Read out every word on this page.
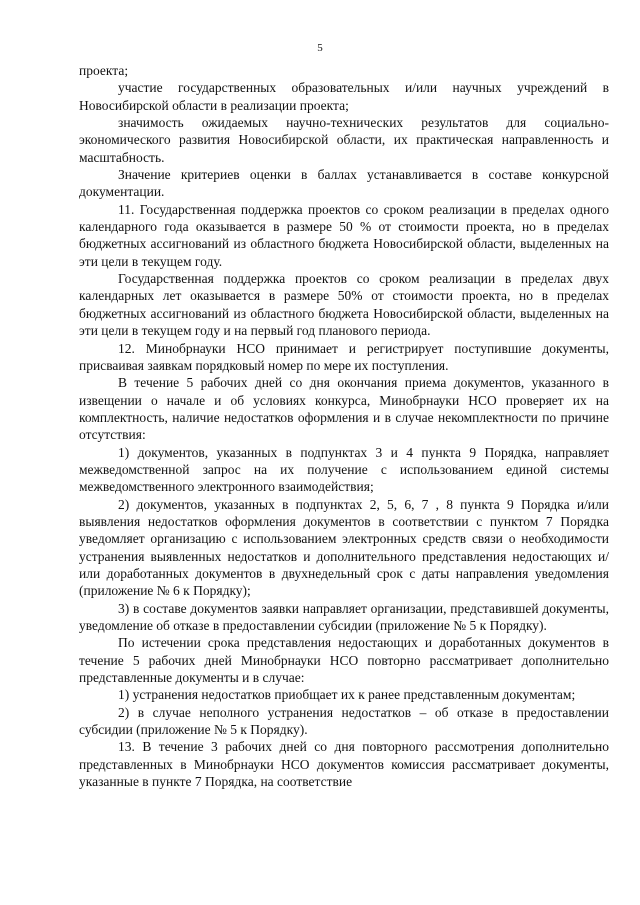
5

проекта;

участие государственных образовательных и/или научных учреждений в Новосибирской области в реализации проекта;

значимость ожидаемых научно-технических результатов для социально-экономического развития Новосибирской области, их практическая направленность и масштабность.

Значение критериев оценки в баллах устанавливается в составе конкурсной документации.

11. Государственная поддержка проектов со сроком реализации в пределах одного календарного года оказывается в размере 50 % от стоимости проекта, но в пределах бюджетных ассигнований из областного бюджета Новосибирской области, выделенных на эти цели в текущем году.

Государственная поддержка проектов со сроком реализации в пределах двух календарных лет оказывается в размере 50% от стоимости проекта, но в пределах бюджетных ассигнований из областного бюджета Новосибирской области, выделенных на эти цели в текущем году и на первый год планового периода.

12. Минобрнауки НСО принимает и регистрирует поступившие документы, присваивая заявкам порядковый номер по мере их поступления.

В течение 5 рабочих дней со дня окончания приема документов, указанного в извещении о начале и об условиях конкурса, Минобрнауки НСО проверяет их на комплектность, наличие недостатков оформления и в случае некомплектности по причине отсутствия:

1) документов, указанных в подпунктах 3 и 4 пункта 9 Порядка, направляет межведомственной запрос на их получение с использованием единой системы межведомственного электронного взаимодействия;

2) документов, указанных в подпунктах 2, 5, 6, 7 , 8 пункта 9 Порядка и/или выявления недостатков оформления документов в соответствии с пунктом 7 Порядка уведомляет организацию с использованием электронных средств связи о необходимости устранения выявленных недостатков и дополнительного представления недостающих и/или доработанных документов в двухнедельный срок с даты направления уведомления (приложение № 6 к Порядку);

3) в составе документов заявки направляет организации, представившей документы, уведомление об отказе в предоставлении субсидии (приложение № 5 к Порядку).

По истечении срока представления недостающих и доработанных документов в течение 5 рабочих дней Минобрнауки НСО повторно рассматривает дополнительно представленные документы и в случае:

1) устранения недостатков приобщает их к ранее представленным документам;

2) в случае неполного устранения недостатков – об отказе в предоставлении субсидии (приложение № 5 к Порядку).

13. В течение 3 рабочих дней со дня повторного рассмотрения дополнительно представленных в Минобрнауки НСО документов комиссия рассматривает документы, указанные в пункте 7 Порядка, на соответствие
